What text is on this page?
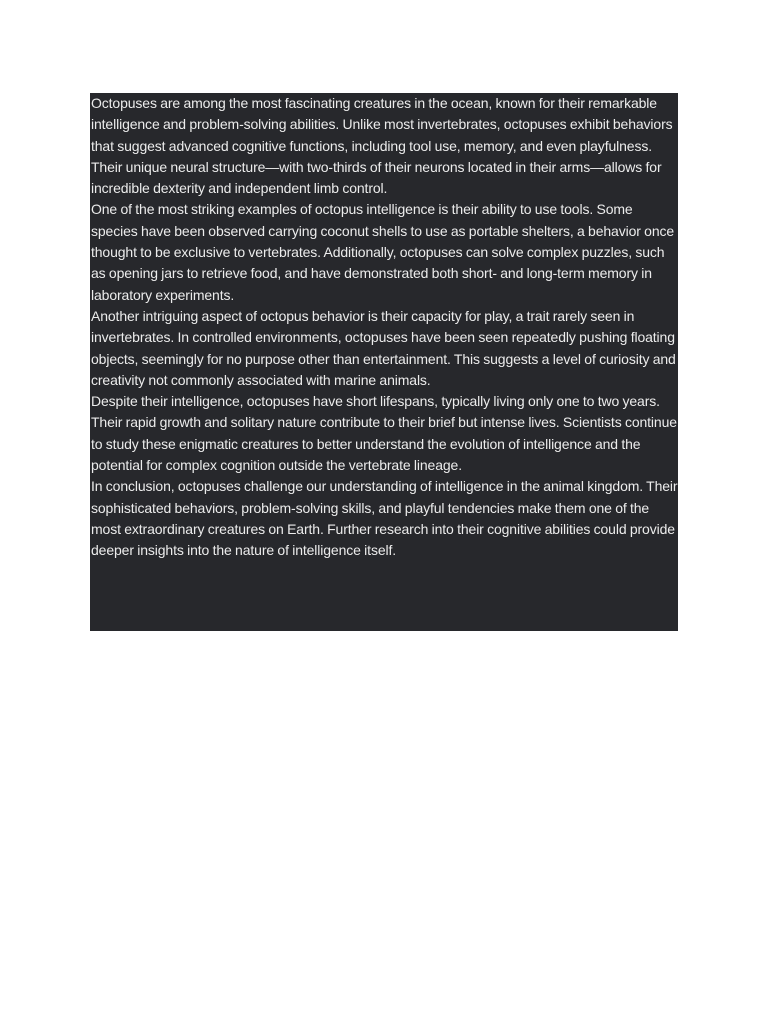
Octopuses are among the most fascinating creatures in the ocean, known for their remarkable intelligence and problem-solving abilities. Unlike most invertebrates, octopuses exhibit behaviors that suggest advanced cognitive functions, including tool use, memory, and even playfulness. Their unique neural structure—with two-thirds of their neurons located in their arms—allows for incredible dexterity and independent limb control.

One of the most striking examples of octopus intelligence is their ability to use tools. Some species have been observed carrying coconut shells to use as portable shelters, a behavior once thought to be exclusive to vertebrates. Additionally, octopuses can solve complex puzzles, such as opening jars to retrieve food, and have demonstrated both short- and long-term memory in laboratory experiments.

Another intriguing aspect of octopus behavior is their capacity for play, a trait rarely seen in invertebrates. In controlled environments, octopuses have been seen repeatedly pushing floating objects, seemingly for no purpose other than entertainment. This suggests a level of curiosity and creativity not commonly associated with marine animals.

Despite their intelligence, octopuses have short lifespans, typically living only one to two years. Their rapid growth and solitary nature contribute to their brief but intense lives. Scientists continue to study these enigmatic creatures to better understand the evolution of intelligence and the potential for complex cognition outside the vertebrate lineage.

In conclusion, octopuses challenge our understanding of intelligence in the animal kingdom. Their sophisticated behaviors, problem-solving skills, and playful tendencies make them one of the most extraordinary creatures on Earth. Further research into their cognitive abilities could provide deeper insights into the nature of intelligence itself.
